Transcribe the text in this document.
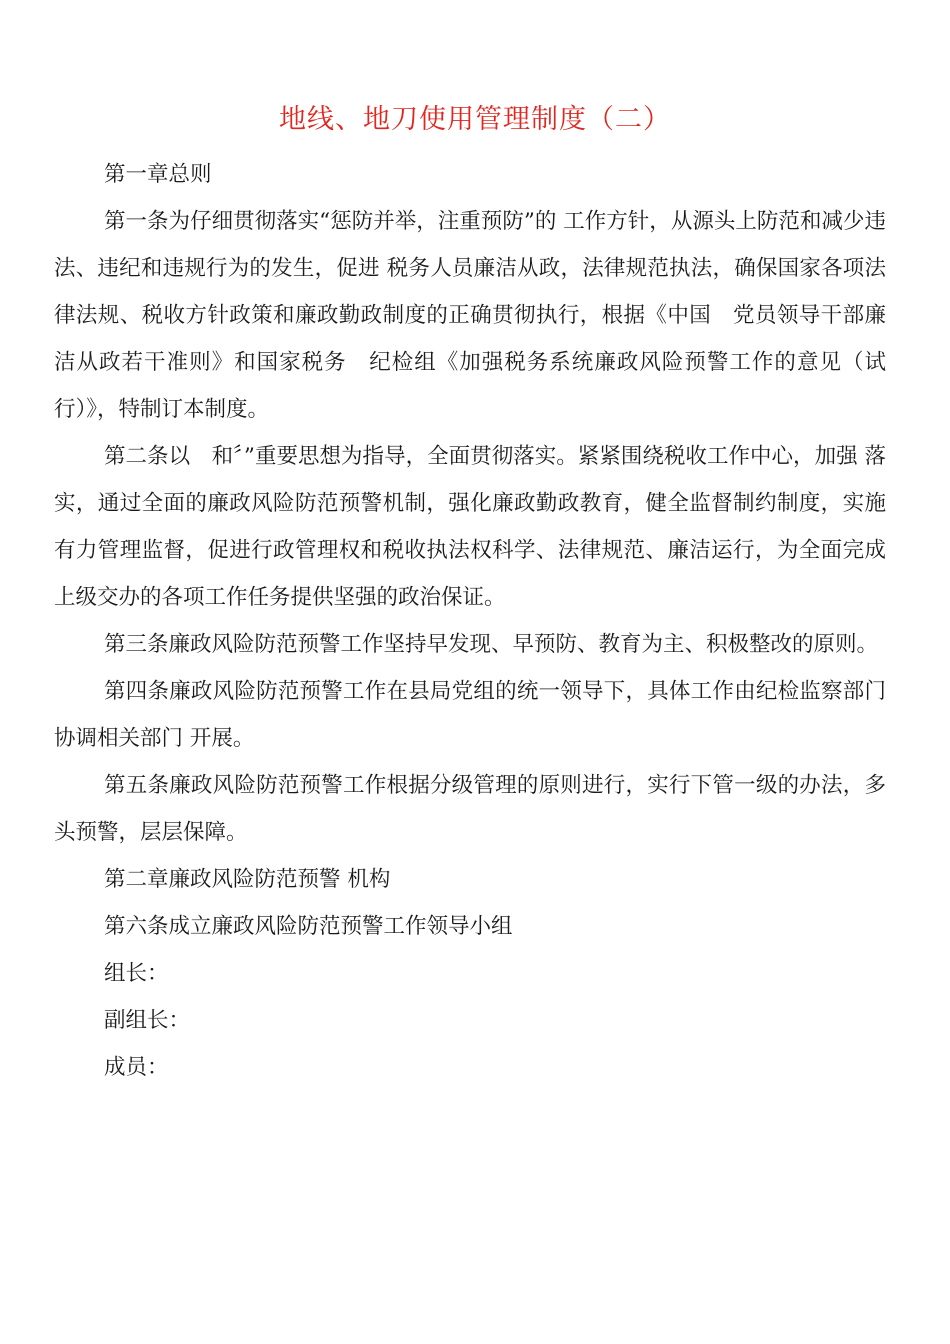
地线、地刀使用管理制度（二）

第一章总则

第一条为仔细贯彻落实“惩防并举，注重预防”的 工作方针，从源头上防范和减少违法、违纪和违规行为的发生，促进 税务人员廉洁从政，法律规范执法，确保国家各项法律法规、税收方针政策和廉政勤政制度的正确贯彻执行，根据《中国　党员领导干部廉洁从政若干准则》和国家税务　纪检组《加强税务系统廉政风险预警工作的意见（试行）》，特制订本制度。

第二条以　和〞”重要思想为指导，全面贯彻落实。紧紧围绕税收工作中心，加强 落实，通过全面的廉政风险防范预警机制，强化廉政勤政教育，健全监督制约制度，实施有力管理监督，促进行政管理权和税收执法权科学、法律规范、廉洁运行，为全面完成上级交办的各项工作任务提供坚强的政治保证。

第三条廉政风险防范预警工作坚持早发现、早预防、教育为主、积极整改的原则。

第四条廉政风险防范预警工作在县局党组的统一领导下，具体工作由纪检监察部门协调相关部门 开展。

第五条廉政风险防范预警工作根据分级管理的原则进行，实行下管一级的办法，多头预警，层层保障。

第二章廉政风险防范预警 机构

第六条成立廉政风险防范预警工作领导小组

组长：

副组长：

成员：
